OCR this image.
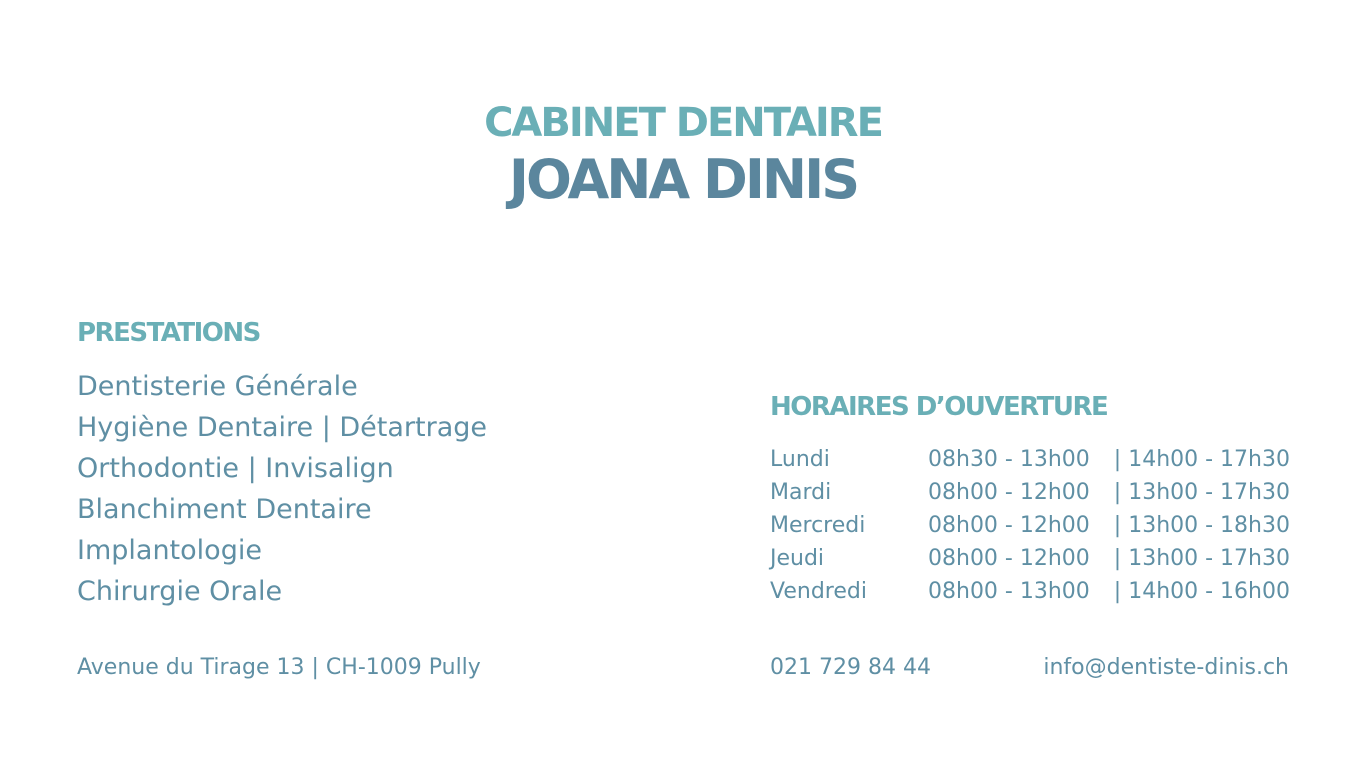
CABINET DENTAIRE

JOANA DINIS

PRESTATIONS
Dentisterie Générale
Hygiène Dentaire | Détartrage
Orthodontie | Invisalign
Blanchiment Dentaire
Implantologie
Chirurgie Orale
HORAIRES D’OUVERTURE
Lundi	08h30 - 13h00 | 14h00 - 17h30
Mardi	08h00 - 12h00 | 13h00 - 17h30
Mercredi	08h00 - 12h00 | 13h00 - 18h30
Jeudi	08h00 - 12h00 | 13h00 - 17h30
Vendredi	08h00 - 13h00 | 14h00 - 16h00
Avenue du Tirage 13 | CH-1009 Pully	021 729 84 44	info@dentiste-dinis.ch
